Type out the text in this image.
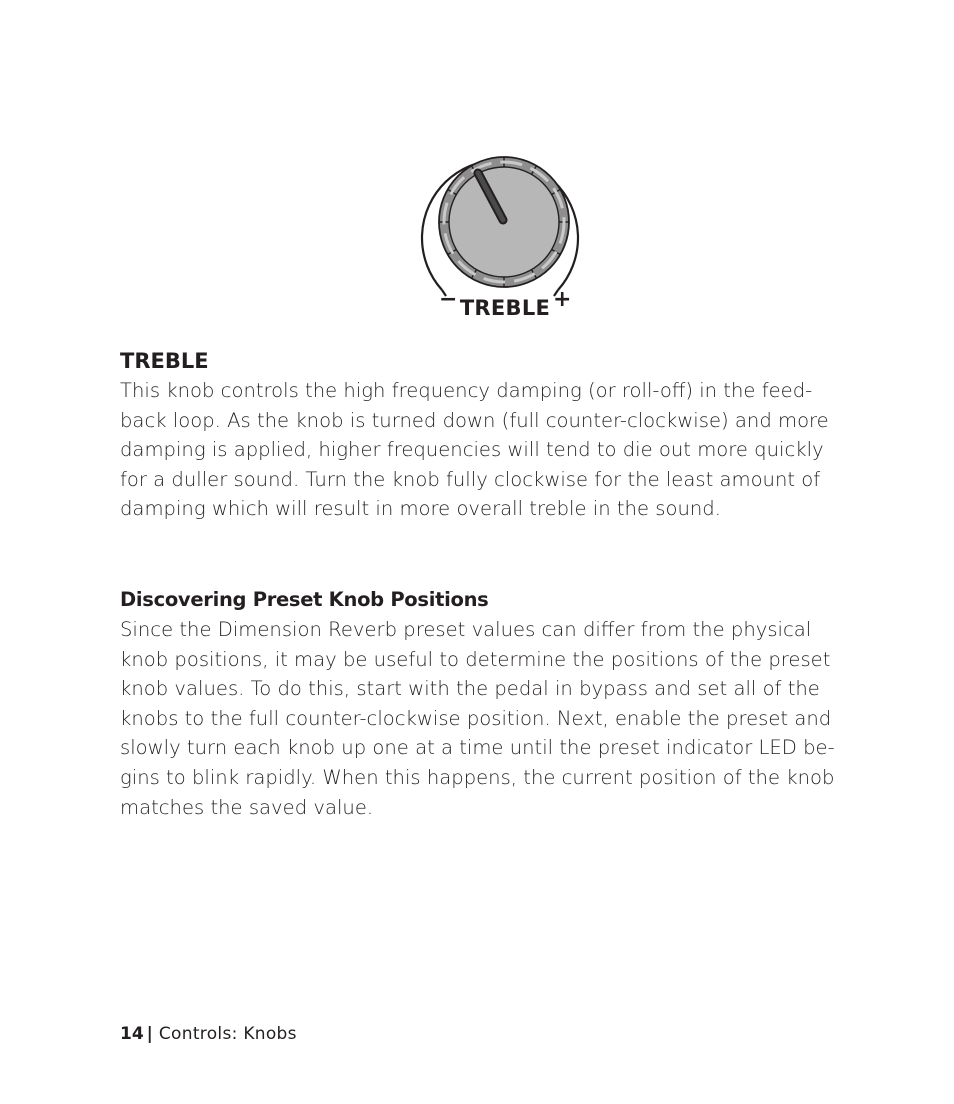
− TREBLE +
TREBLE

This knob controls the high frequency damping (or roll-off) in the feed-
back loop. As the knob is turned down (full counter-clockwise) and more
damping is applied, higher frequencies will tend to die out more quickly
for a duller sound. Turn the knob fully clockwise for the least amount of
damping which will result in more overall treble in the sound.

Discovering Preset Knob Positions

Since the Dimension Reverb preset values can differ from the physical
knob positions, it may be useful to determine the positions of the preset
knob values. To do this, start with the pedal in bypass and set all of the
knobs to the full counter-clockwise position. Next, enable the preset and
slowly turn each knob up one at a time until the preset indicator LED be-
gins to blink rapidly. When this happens, the current position of the knob
matches the saved value.

14 | Controls: Knobs
